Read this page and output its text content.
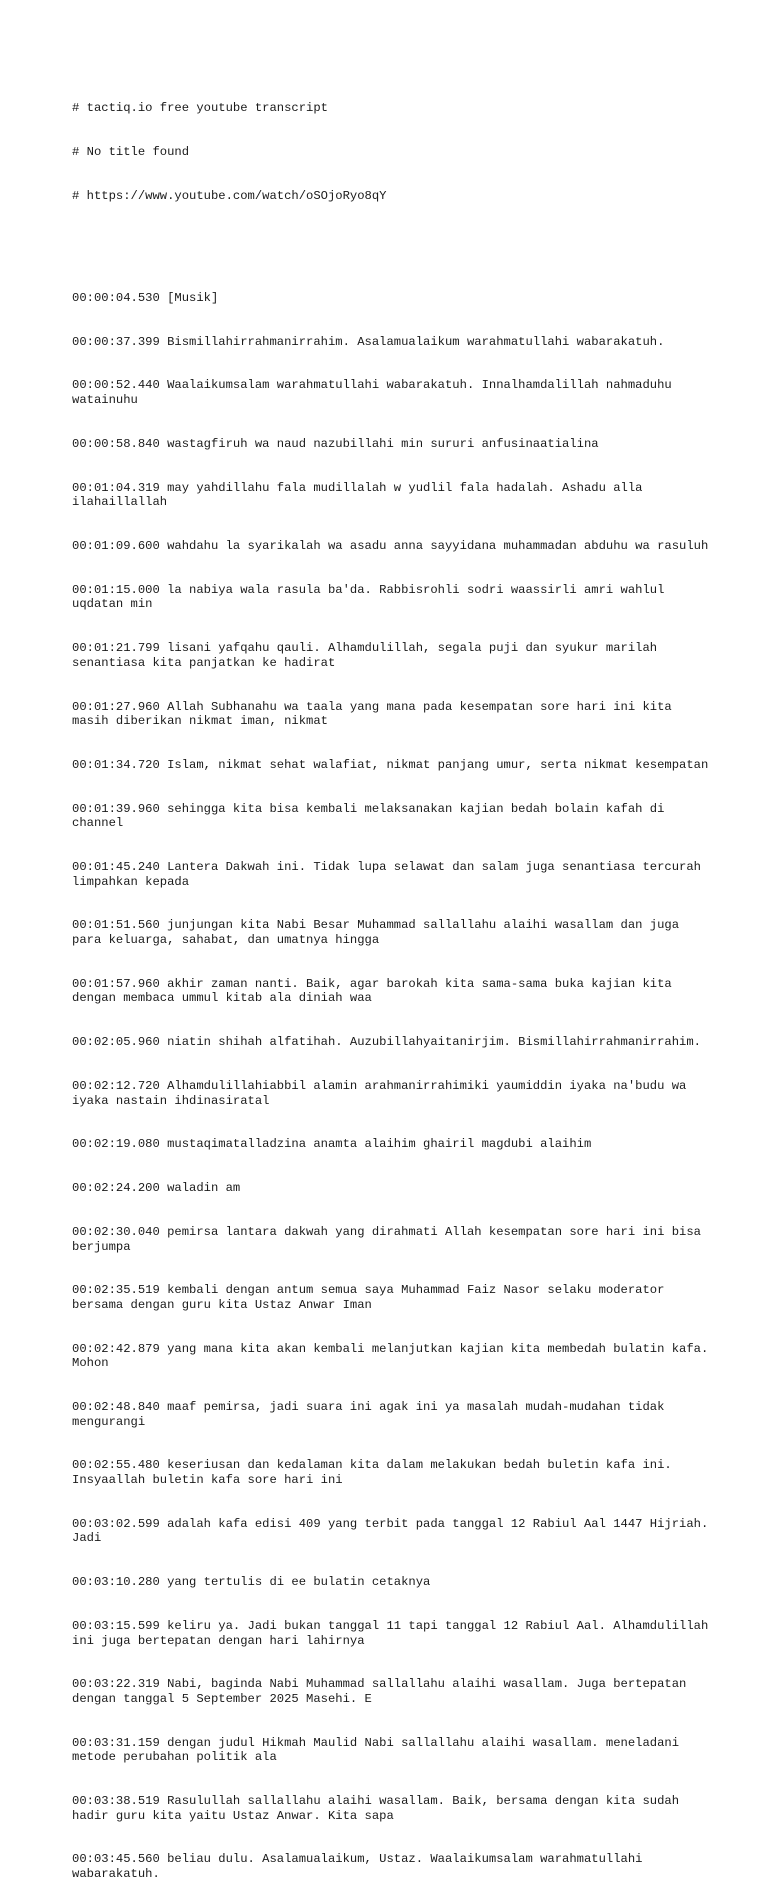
# tactiq.io free youtube transcript

# No title found

# https://www.youtube.com/watch/oSOjoRyo8qY

00:00:04.530 [Musik]

00:00:37.399 Bismillahirrahmanirrahim. Asalamualaikum warahmatullahi wabarakatuh.

00:00:52.440 Waalaikumsalam warahmatullahi wabarakatuh. Innalhamdalillah nahmaduhu watainuhu

00:00:58.840 wastagfiruh wa naud nazubillahi min sururi anfusinaatialina

00:01:04.319 may yahdillahu fala mudillalah w yudlil fala hadalah. Ashadu alla ilahaillallah

00:01:09.600 wahdahu la syarikalah wa asadu anna sayyidana muhammadan abduhu wa rasuluh

00:01:15.000 la nabiya wala rasula ba'da. Rabbisrohli sodri waassirli amri wahlul uqdatan min

00:01:21.799 lisani yafqahu qauli. Alhamdulillah, segala puji dan syukur marilah senantiasa kita panjatkan ke hadirat

00:01:27.960 Allah Subhanahu wa taala yang mana pada kesempatan sore hari ini kita masih diberikan nikmat iman, nikmat

00:01:34.720 Islam, nikmat sehat walafiat, nikmat panjang umur, serta nikmat kesempatan

00:01:39.960 sehingga kita bisa kembali melaksanakan kajian bedah bolain kafah di channel

00:01:45.240 Lantera Dakwah ini. Tidak lupa selawat dan salam juga senantiasa tercurah limpahkan kepada

00:01:51.560 junjungan kita Nabi Besar Muhammad sallallahu alaihi wasallam dan juga para keluarga, sahabat, dan umatnya hingga

00:01:57.960 akhir zaman nanti. Baik, agar barokah kita sama-sama buka kajian kita dengan membaca ummul kitab ala diniah waa

00:02:05.960 niatin shihah alfatihah. Auzubillahyaitanirjim. Bismillahirrahmanirrahim.

00:02:12.720 Alhamdulillahiabbil alamin arahmanirrahimiki yaumiddin iyaka na'budu wa iyaka nastain ihdinasiratal

00:02:19.080 mustaqimatalladzina anamta alaihim ghairil magdubi alaihim

00:02:24.200 waladin am

00:02:30.040 pemirsa lantara dakwah yang dirahmati Allah kesempatan sore hari ini bisa berjumpa

00:02:35.519 kembali dengan antum semua saya Muhammad Faiz Nasor selaku moderator bersama dengan guru kita Ustaz Anwar Iman

00:02:42.879 yang mana kita akan kembali melanjutkan kajian kita membedah bulatin kafa. Mohon

00:02:48.840 maaf pemirsa, jadi suara ini agak ini ya masalah mudah-mudahan tidak mengurangi

00:02:55.480 keseriusan dan kedalaman kita dalam melakukan bedah buletin kafa ini. Insyaallah buletin kafa sore hari ini

00:03:02.599 adalah kafa edisi 409 yang terbit pada tanggal 12 Rabiul Aal 1447 Hijriah. Jadi

00:03:10.280 yang tertulis di ee bulatin cetaknya

00:03:15.599 keliru ya. Jadi bukan tanggal 11 tapi tanggal 12 Rabiul Aal. Alhamdulillah ini juga bertepatan dengan hari lahirnya

00:03:22.319 Nabi, baginda Nabi Muhammad sallallahu alaihi wasallam. Juga bertepatan dengan tanggal 5 September 2025 Masehi. E

00:03:31.159 dengan judul Hikmah Maulid Nabi sallallahu alaihi wasallam. meneladani metode perubahan politik ala

00:03:38.519 Rasulullah sallallahu alaihi wasallam. Baik, bersama dengan kita sudah hadir guru kita yaitu Ustaz Anwar. Kita sapa

00:03:45.560 beliau dulu. Asalamualaikum, Ustaz. Waalaikumsalam warahmatullahi wabarakatuh.
